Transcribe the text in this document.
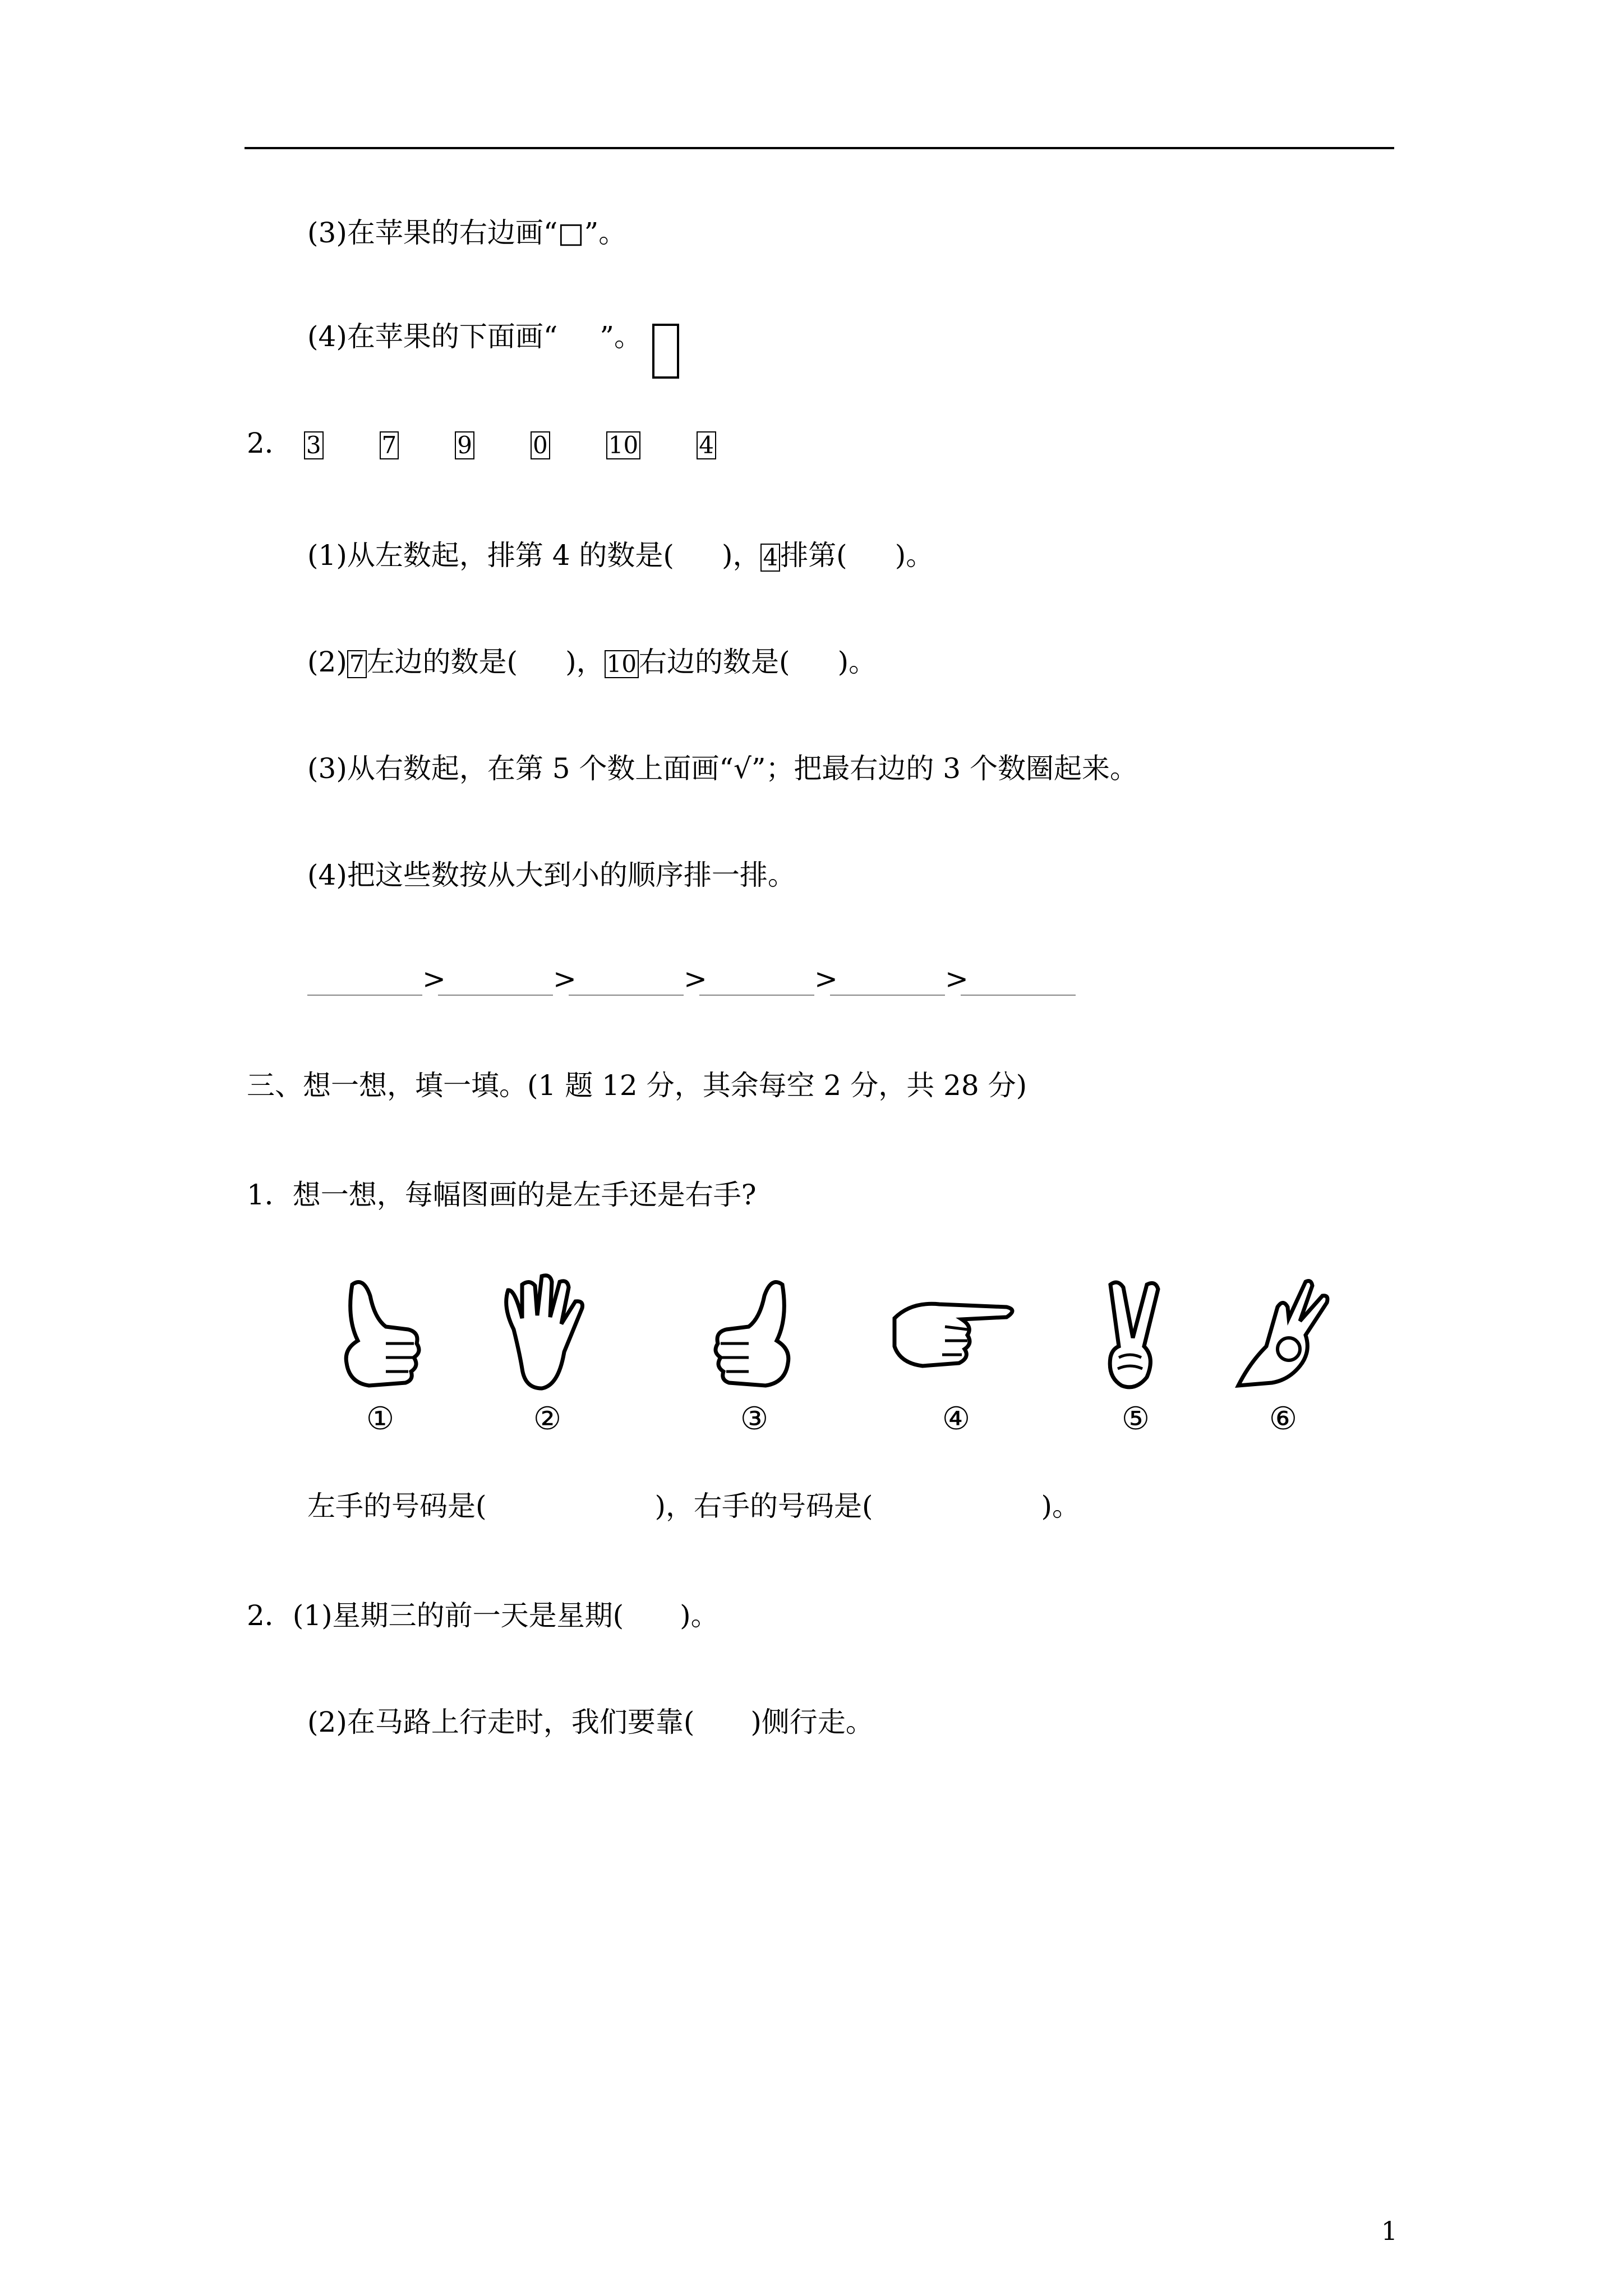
(3)在苹果的右边画“□”。
(4)在苹果的下面画“ ”。
2． 3	7	9	0	10	4
(1)从左数起，排第 4 的数是( )，4排第( )。
(2)7左边的数是( )，10右边的数是( )。
(3)从右数起，在第 5 个数上面画“√”；把最右边的 3 个数圈起来。
(4)把这些数按从大到小的顺序排一排。
>	>	>	>	>
三、想一想，填一填。(1 题 12 分，其余每空 2 分，共 28 分)
1．想一想，每幅图画的是左手还是右手?
①	②	③	④	⑤	⑥
左手的号码是(	)，右手的号码是(	)。
2．(1)星期三的前一天是星期(　　)。
(2)在马路上行走时，我们要靠(　　)侧行走。
1
